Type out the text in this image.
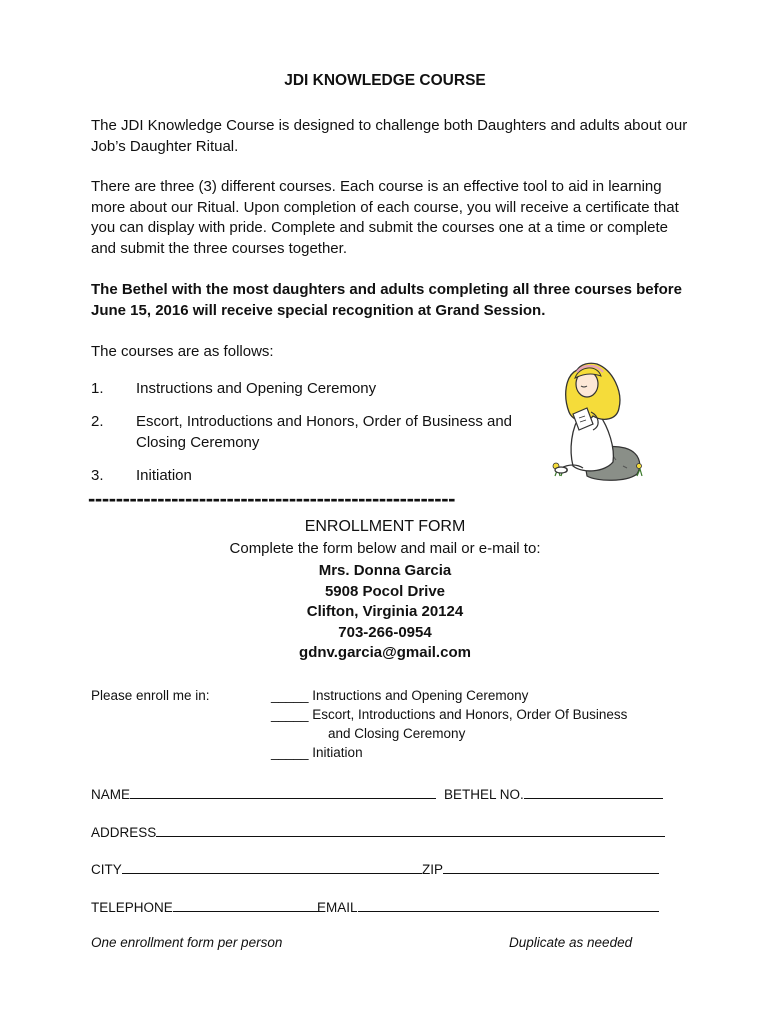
JDI KNOWLEDGE COURSE
The JDI Knowledge Course is designed to challenge both Daughters and adults about our Job’s Daughter Ritual.
There are three (3) different courses. Each course is an effective tool to aid in learning more about our Ritual. Upon completion of each course, you will receive a certificate that you can display with pride. Complete and submit the courses one at a time or complete and submit the three courses together.
The Bethel with the most daughters and adults completing all three courses before June 15, 2016 will receive special recognition at Grand Session.
The courses are as follows:
1.	Instructions and Opening Ceremony
2.	Escort, Introductions and Honors, Order of Business and Closing Ceremony
3.	Initiation
-----------------------------------------------------
ENROLLMENT FORM
Complete the form below and mail or e-mail to:
Mrs. Donna Garcia
5908 Pocol Drive
Clifton, Virginia 20124
703-266-0954
gdnv.garcia@gmail.com
Please enroll me in:	_____ Instructions and Opening Ceremony
_____ Escort, Introductions and Honors, Order Of Business
and Closing Ceremony
_____ Initiation
NAME	BETHEL NO.
ADDRESS
CITY	ZIP
TELEPHONE	EMAIL
One enrollment form per person	Duplicate as needed
